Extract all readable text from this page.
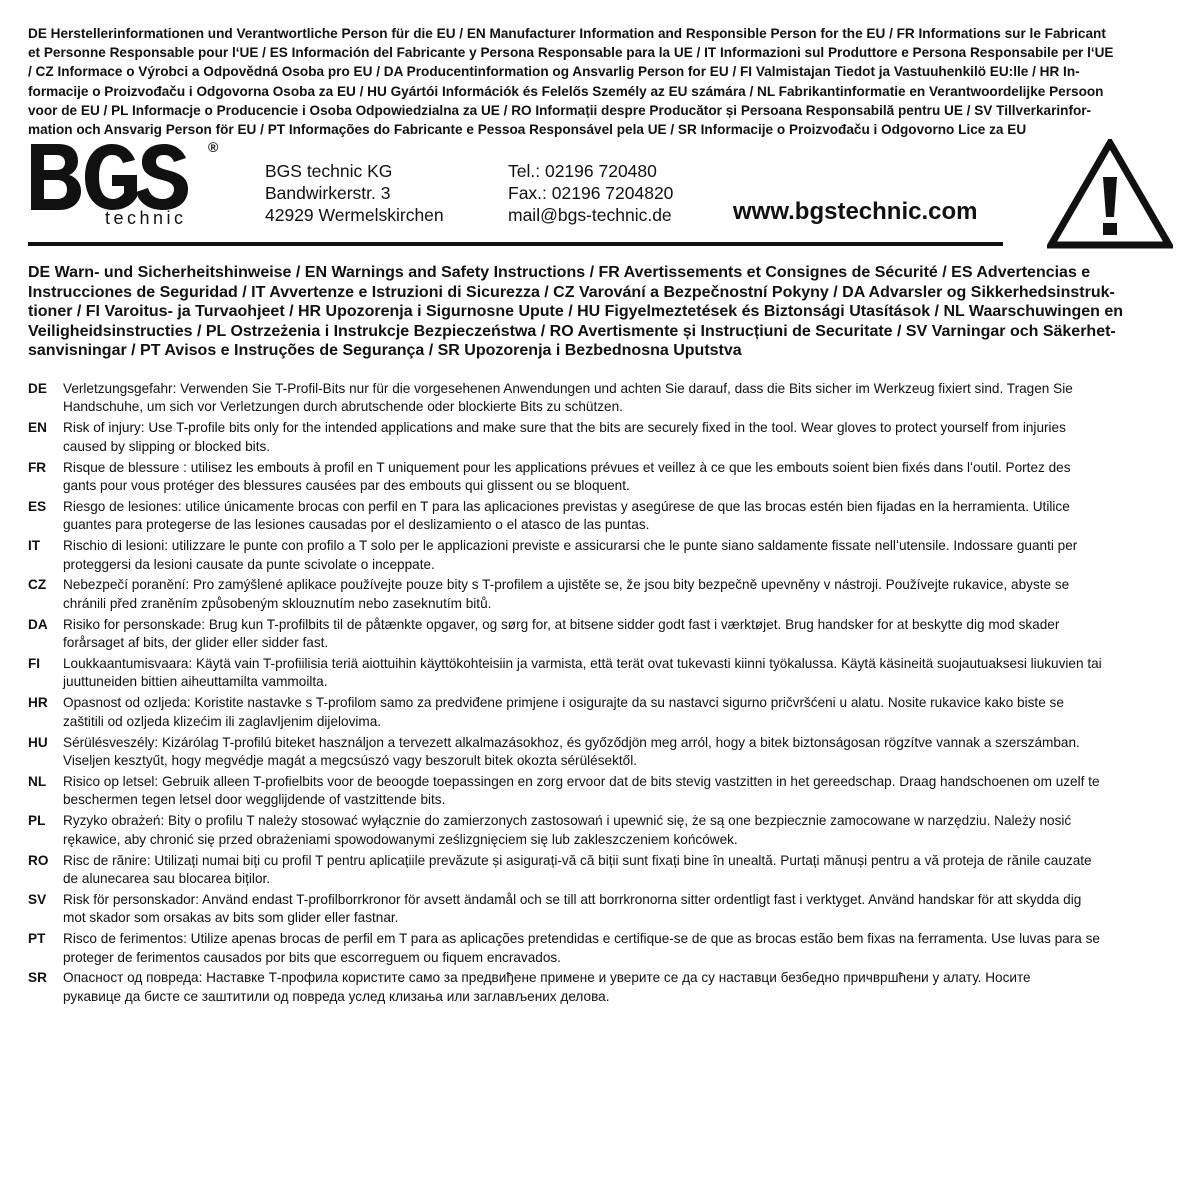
DE Herstellerinformationen und Verantwortliche Person für die EU / EN Manufacturer Information and Responsible Person for the EU / FR Informations sur le Fabricant
et Personne Responsable pour lʻUE / ES Información del Fabricante y Persona Responsable para la UE / IT Informazioni sul Produttore e Persona Responsabile per lʻUE
/ CZ Informace o Výrobci a Odpovědná Osoba pro EU / DA Producentinformation og Ansvarlig Person for EU / FI Valmistajan Tiedot ja Vastuuhenkilö EU:lle / HR In-
formacije o Proizvođaču i Odgovorna Osoba za EU / HU Gyártói Információk és Felelős Személy az EU számára / NL Fabrikantinformatie en Verantwoordelijke Persoon
voor de EU / PL Informacje o Producencie i Osoba Odpowiedzialna za UE / RO Informații despre Producător și Persoana Responsabilă pentru UE / SV Tillverkarinfor-
mation och Ansvarig Person för EU / PT Informações do Fabricante e Pessoa Responsável pela UE / SR Informacije o Proizvođaču i Odgovorno Lice za EU
®
technic
BGS technic KG
Bandwirkerstr. 3
42929 Wermelskirchen
Tel.: 02196 720480
Fax.: 02196 7204820
mail@bgs-technic.de	www.bgstechnic.com
DE Warn- und Sicherheitshinweise / EN Warnings and Safety Instructions / FR Avertissements et Consignes de Sécurité / ES Advertencias e
Instrucciones de Seguridad / IT Avvertenze e Istruzioni di Sicurezza / CZ Varování a Bezpečnostní Pokyny / DA Advarsler og Sikkerhedsinstruk-
tioner / FI Varoitus- ja Turvaohjeet / HR Upozorenja i Sigurnosne Upute / HU Figyelmeztetések és Biztonsági Utasítások / NL Waarschuwingen en
Veiligheidsinstructies / PL Ostrzeżenia i Instrukcje Bezpieczeństwa / RO Avertismente și Instrucțiuni de Securitate / SV Varningar och Säkerhet-
sanvisningar / PT Avisos e Instruções de Segurança / SR Upozorenja i Bezbednosna Uputstva
DE	Verletzungsgefahr: Verwenden Sie T-Profil-Bits nur für die vorgesehenen Anwendungen und achten Sie darauf, dass die Bits sicher im Werkzeug fixiert sind. Tragen Sie
Handschuhe, um sich vor Verletzungen durch abrutschende oder blockierte Bits zu schützen.
EN	Risk of injury: Use T-profile bits only for the intended applications and make sure that the bits are securely fixed in the tool. Wear gloves to protect yourself from injuries
caused by slipping or blocked bits.
FR	Risque de blessure : utilisez les embouts à profil en T uniquement pour les applications prévues et veillez à ce que les embouts soient bien fixés dans lʻoutil. Portez des
gants pour vous protéger des blessures causées par des embouts qui glissent ou se bloquent.
ES	Riesgo de lesiones: utilice únicamente brocas con perfil en T para las aplicaciones previstas y asegúrese de que las brocas estén bien fijadas en la herramienta. Utilice
guantes para protegerse de las lesiones causadas por el deslizamiento o el atasco de las puntas.
IT	Rischio di lesioni: utilizzare le punte con profilo a T solo per le applicazioni previste e assicurarsi che le punte siano saldamente fissate nellʻutensile. Indossare guanti per
proteggersi da lesioni causate da punte scivolate o inceppate.
CZ	Nebezpečí poranění: Pro zamýšlené aplikace používejte pouze bity s T-profilem a ujistěte se, že jsou bity bezpečně upevněny v nástroji. Používejte rukavice, abyste se
chránili před zraněním způsobeným sklouznutím nebo zaseknutím bitů.
DA	Risiko for personskade: Brug kun T-profilbits til de påtænkte opgaver, og sørg for, at bitsene sidder godt fast i værktøjet. Brug handsker for at beskytte dig mod skader
forårsaget af bits, der glider eller sidder fast.
FI	Loukkaantumisvaara: Käytä vain T-profiilisia teriä aiottuihin käyttökohteisiin ja varmista, että terät ovat tukevasti kiinni työkalussa. Käytä käsineitä suojautuaksesi liukuvien tai
juuttuneiden bittien aiheuttamilta vammoilta.
HR	Opasnost od ozljeda: Koristite nastavke s T-profilom samo za predviđene primjene i osigurajte da su nastavci sigurno pričvršćeni u alatu. Nosite rukavice kako biste se
zaštitili od ozljeda klizećim ili zaglavljenim dijelovima.
HU	Sérülésveszély: Kizárólag T-profilú biteket használjon a tervezett alkalmazásokhoz, és győződjön meg arról, hogy a bitek biztonságosan rögzítve vannak a szerszámban.
Viseljen kesztyűt, hogy megvédje magát a megcsúszó vagy beszorult bitek okozta sérülésektől.
NL	Risico op letsel: Gebruik alleen T-profielbits voor de beoogde toepassingen en zorg ervoor dat de bits stevig vastzitten in het gereedschap. Draag handschoenen om uzelf te
beschermen tegen letsel door wegglijdende of vastzittende bits.
PL	Ryzyko obrażeń: Bity o profilu T należy stosować wyłącznie do zamierzonych zastosowań i upewnić się, że są one bezpiecznie zamocowane w narzędziu. Należy nosić
rękawice, aby chronić się przed obrażeniami spowodowanymi ześlizgnięciem się lub zakleszczeniem końcówek.
RO	Risc de rănire: Utilizați numai biți cu profil T pentru aplicațiile prevăzute și asigurați-vă că biții sunt fixați bine în unealtă. Purtați mănuși pentru a vă proteja de rănile cauzate
de alunecarea sau blocarea biților.
SV	Risk för personskador: Använd endast T-profilborrkronor för avsett ändamål och se till att borrkronorna sitter ordentligt fast i verktyget. Använd handskar för att skydda dig
mot skador som orsakas av bits som glider eller fastnar.
PT	Risco de ferimentos: Utilize apenas brocas de perfil em T para as aplicações pretendidas e certifique-se de que as brocas estão bem fixas na ferramenta. Use luvas para se
proteger de ferimentos causados por bits que escorreguem ou fiquem encravados.
SR	Опасност од повреда: Наставке Т-профила користите само за предвиђене примене и уверите се да су наставци безбедно причвршћени у алату. Носите
рукавице да бисте се заштитили од повреда услед клизања или заглављених делова.
